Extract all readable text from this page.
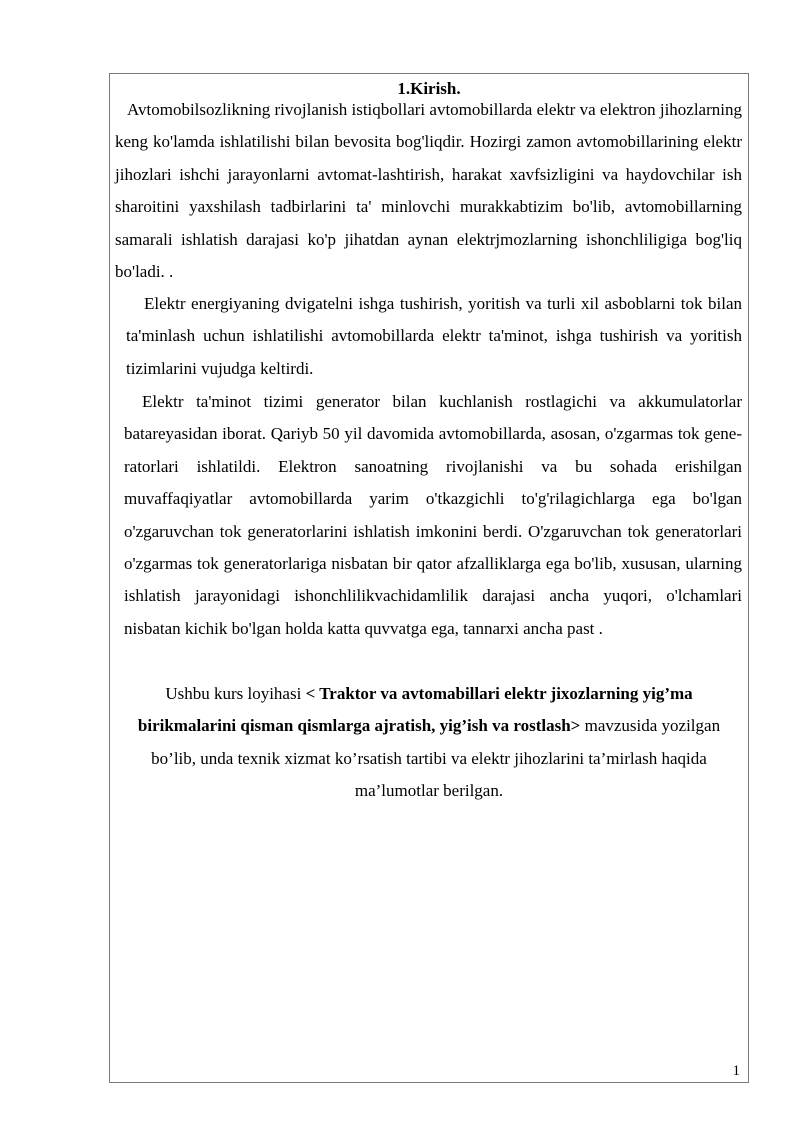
1.Kirish.

Avtomobilsozlikning rivojlanish istiqbollari avtomobillarda elektr va elektron jihozlarning keng ko'lamda ishlatilishi bilan bevosita bog'liqdir. Hozirgi zamon avtomobillarining elektr jihozlari ishchi jarayonlarni avtomat-lashtirish, harakat xavfsizligini va haydovchilar ish sharoitini yaxshilash tadbirlarini ta' minlovchi murakkabtizim bo'lib, avtomobillarning samarali ishlatish darajasi ko'p jihatdan aynan elektrjmozlarning ishonchliligiga bog'liq bo'ladi. .

Elektr energiyaning dvigatelni ishga tushirish, yoritish va turli xil asboblarni tok bilan ta'minlash uchun ishlatilishi avtomobillarda elektr ta'minot, ishga tushirish va yoritish tizimlarini vujudga keltirdi.

Elektr ta'minot tizimi generator bilan kuchlanish rostlagichi va akkumulatorlar batareyasidan iborat. Qariyb 50 yil davomida avtomobillarda, asosan, o'zgarmas tok gene-ratorlari ishlatildi. Elektron sanoatning rivojlanishi va bu sohada erishilgan muvaffaqiyatlar avtomobillarda yarim o'tkazgichli to'g'rilagichlarga ega bo'lgan o'zgaruvchan tok generatorlarini ishlatish imkonini berdi. O'zgaruvchan tok generatorlari o'zgarmas tok generatorlariga nisbatan bir qator afzalliklarga ega bo'lib, xususan, ularning ishlatish jarayonidagi ishonchlilikvachidamlilik darajasi ancha yuqori, o'lchamlari nisbatan kichik bo'lgan holda katta quvvatga ega, tannarxi ancha past .

Ushbu kurs loyihasi < Traktor va avtomabillari elektr jixozlarning yig’ma birikmalarini qisman qismlarga ajratish, yig’ish va rostlash> mavzusida yozilgan bo’lib, unda texnik xizmat ko’rsatish tartibi va elektr jihozlarini ta’mirlash haqida ma’lumotlar berilgan.

1
